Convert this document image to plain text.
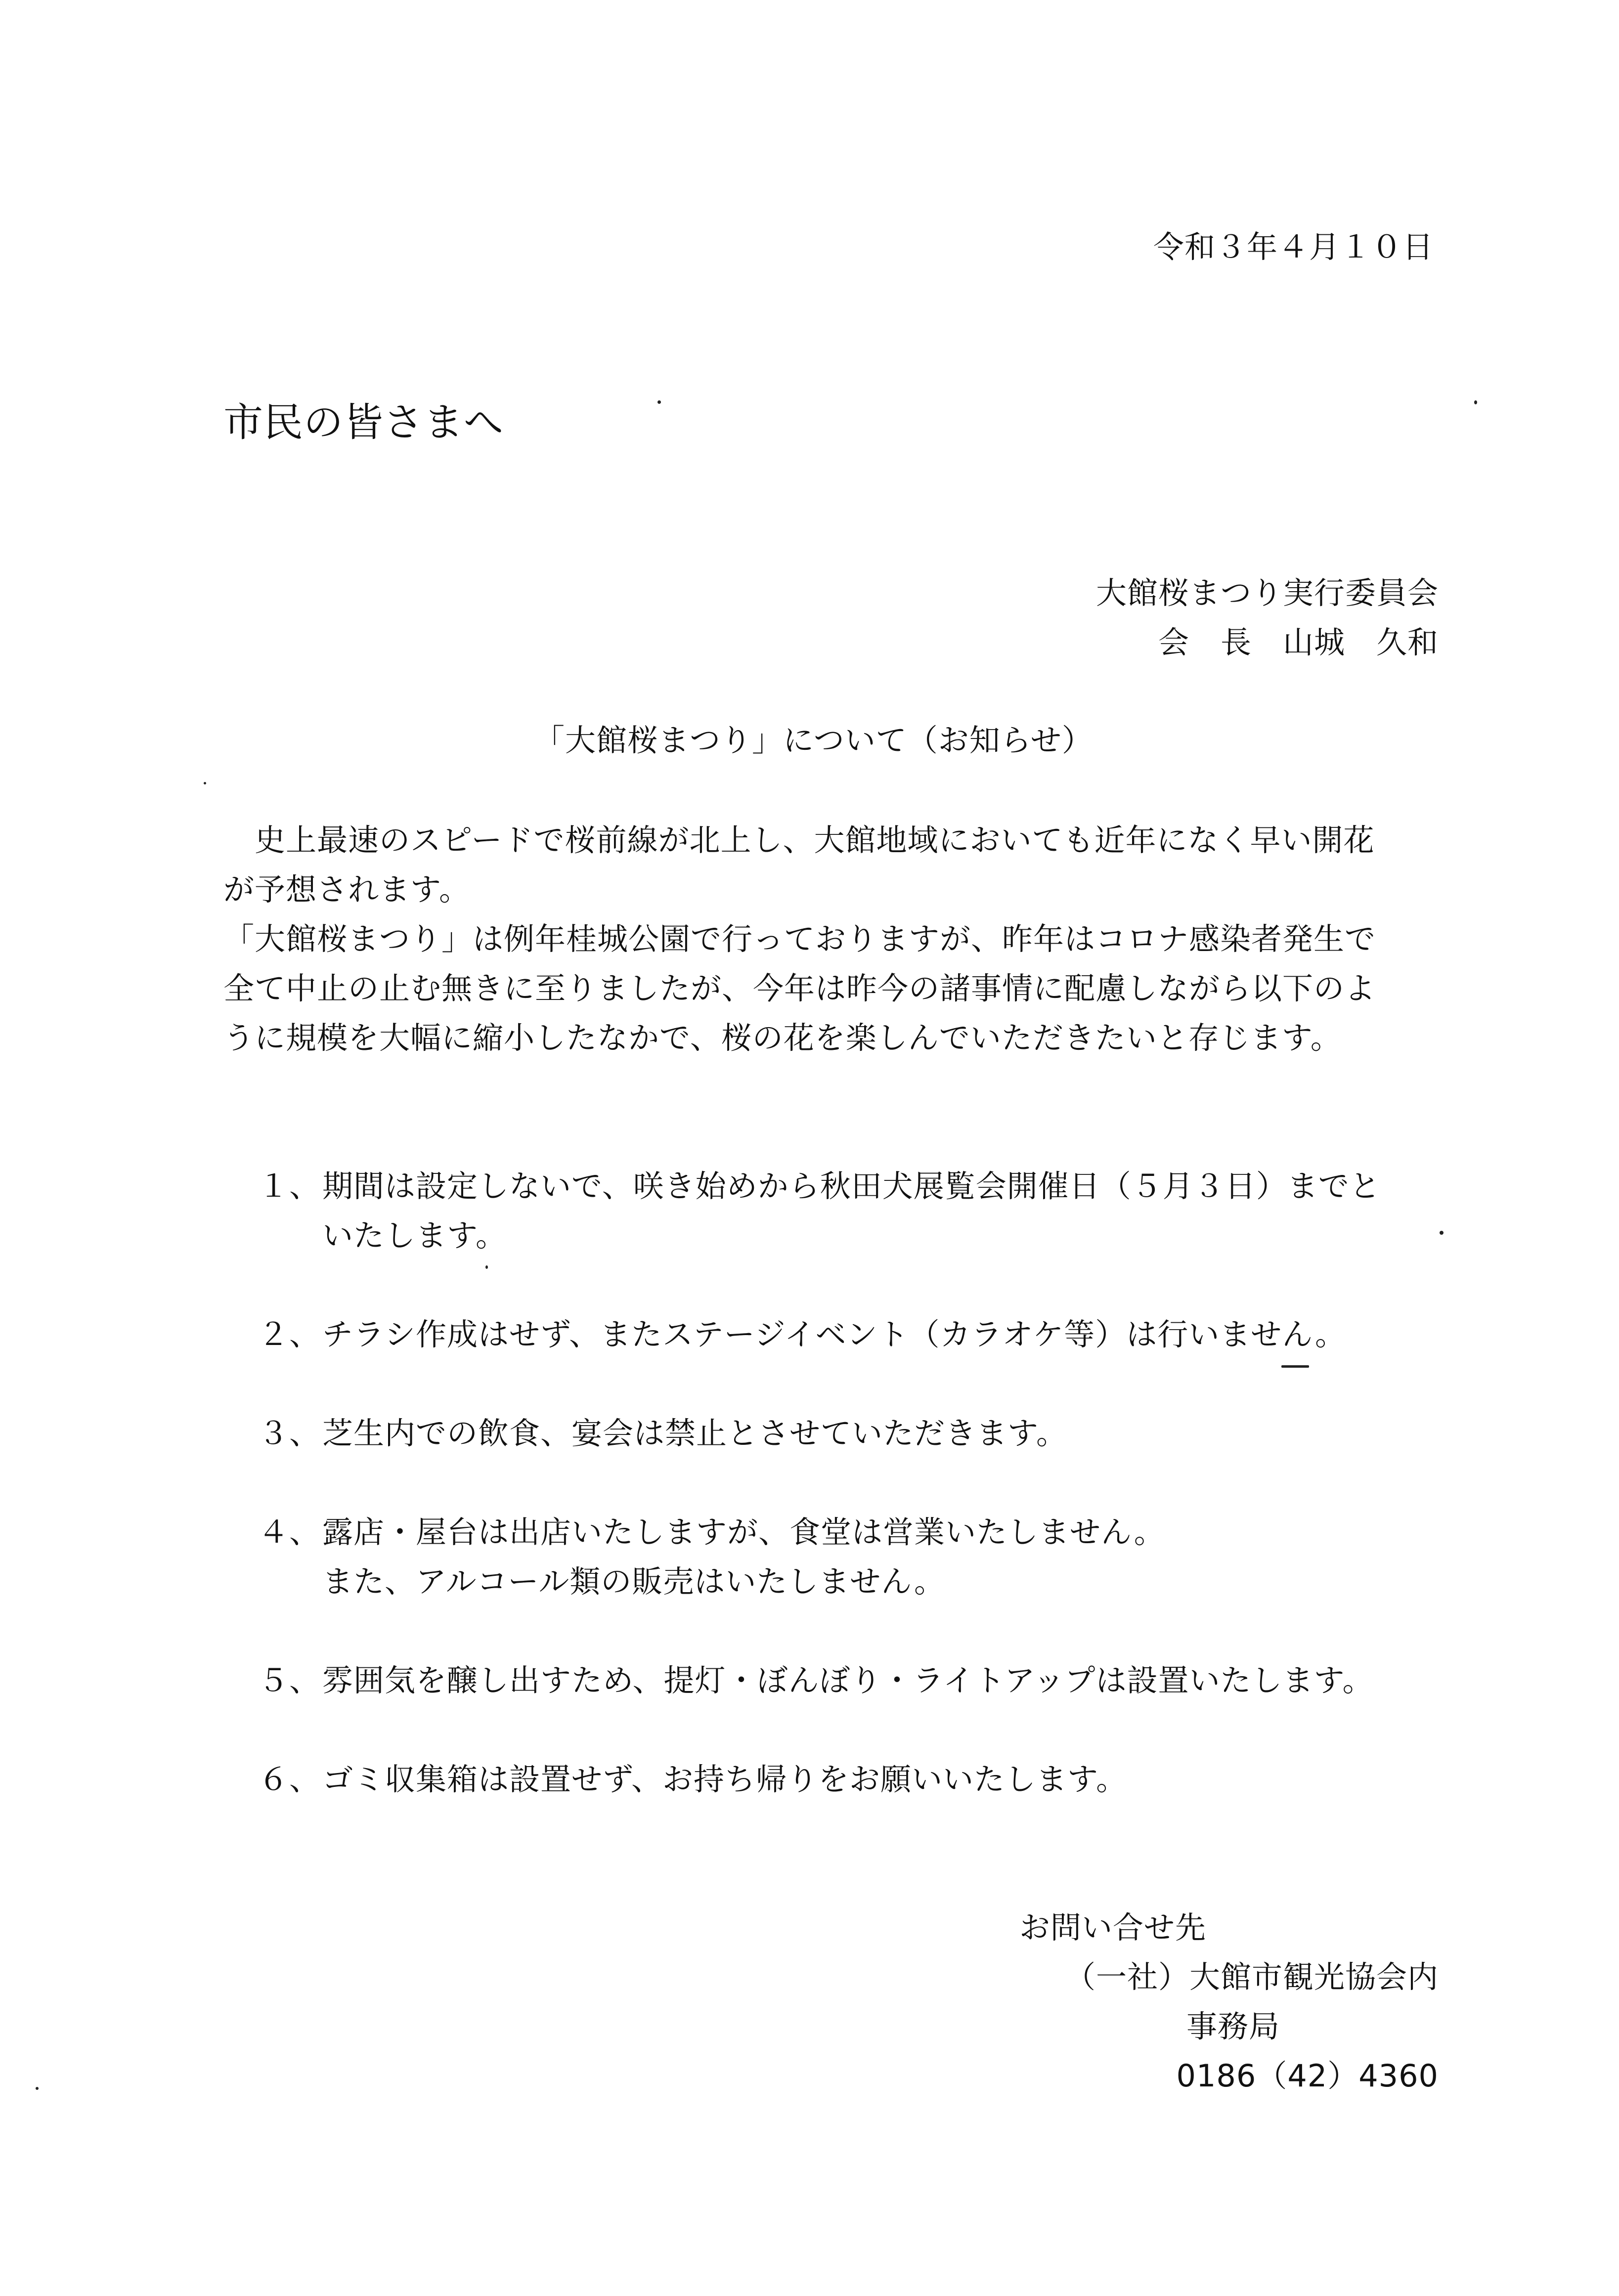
令和３年４月１０日
市民の皆さまへ
大館桜まつり実行委員会
会　長　山城　久和
「大館桜まつり」について（お知らせ）
史上最速のスピードで桜前線が北上し、大館地域においても近年になく早い開花
が予想されます。
「大館桜まつり」は例年桂城公園で行っておりますが、昨年はコロナ感染者発生で
全て中止の止む無きに至りましたが、今年は昨今の諸事情に配慮しながら以下のよ
うに規模を大幅に縮小したなかで、桜の花を楽しんでいただきたいと存じます。
１、 期間は設定しないで、咲き始めから秋田犬展覧会開催日（５月３日）までと
いたします。
２、 チラシ作成はせず、またステージイベント（カラオケ等）は行いません。
３、 芝生内での飲食、宴会は禁止とさせていただきます。
４、 露店・屋台は出店いたしますが、食堂は営業いたしません。
また、アルコール類の販売はいたしません。
５、 雰囲気を醸し出すため、提灯・ぼんぼり・ライトアップは設置いたします。
６、 ゴミ収集箱は設置せず、お持ち帰りをお願いいたします。
お問い合せ先
（一社）大館市観光協会内
事務局
0186（42）4360
